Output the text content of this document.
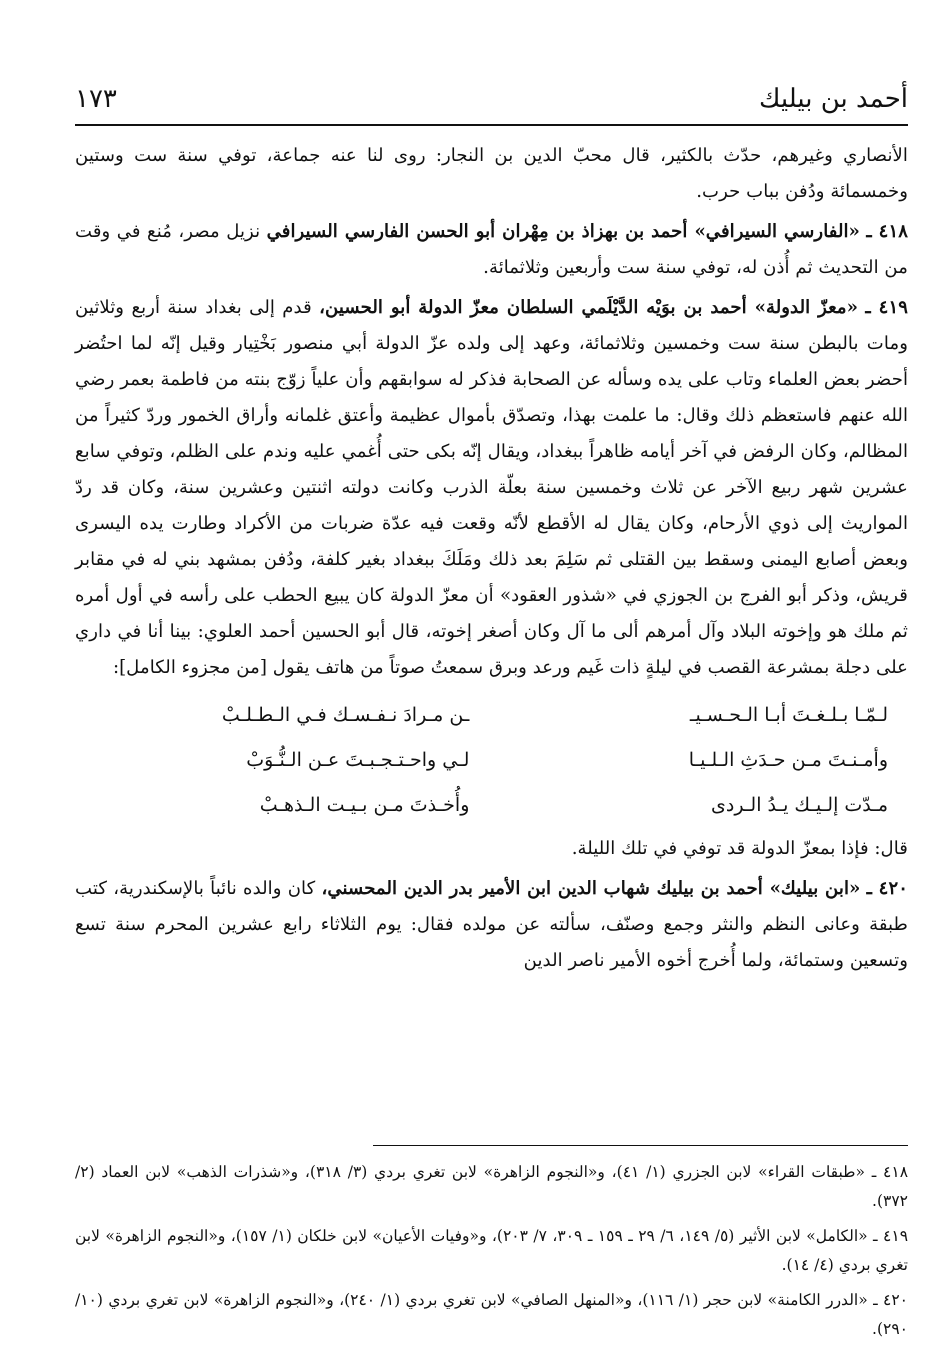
أحمد بن بيليك
١٧٣

الأنصاري وغيرهم، حدّث بالكثير، قال محبّ الدين بن النجار: روى لنا عنه جماعة، توفي سنة ست وستين وخمسمائة ودُفن بباب حرب.

٤١٨ ـ «الفارسي السيرافي» أحمد بن بهزاذ بن مِهْران أبو الحسن الفارسي السيرافي نزيل مصر، مُنع في وقت من التحديث ثم أُذن له، توفي سنة ست وأربعين وثلاثمائة.

٤١٩ ـ «معزّ الدولة» أحمد بن بوَيْه الدَّيْلَمي السلطان معزّ الدولة أبو الحسين، قدم إلى بغداد سنة أربع وثلاثين ومات بالبطن سنة ست وخمسين وثلاثمائة، وعهد إلى ولده عزّ الدولة أبي منصور بَخْتِيار وقيل إنّه لما احتُضر أحضر بعض العلماء وتاب على يده وسأله عن الصحابة فذكر له سوابقهم وأن علياً زوّج بنته من فاطمة بعمر رضي الله عنهم فاستعظم ذلك وقال: ما علمت بهذا، وتصدّق بأموال عظيمة وأعتق غلمانه وأراق الخمور وردّ كثيراً من المظالم، وكان الرفض في آخر أيامه ظاهراً ببغداد، ويقال إنّه بكى حتى أُغمي عليه وندم على الظلم، وتوفي سابع عشرين شهر ربيع الآخر عن ثلاث وخمسين سنة بعلّة الذرب وكانت دولته اثنتين وعشرين سنة، وكان قد ردّ المواريث إلى ذوي الأرحام، وكان يقال له الأقطع لأنّه وقعت فيه عدّة ضربات من الأكراد وطارت يده اليسرى وبعض أصابع اليمنى وسقط بين القتلى ثم سَلِمَ بعد ذلك ومَلَكَ ببغداد بغير كلفة، ودُفن بمشهد بني له في مقابر قريش، وذكر أبو الفرج بن الجوزي في «شذور العقود» أن معزّ الدولة كان يبيع الحطب على رأسه في أول أمره ثم ملك هو وإخوته البلاد وآل أمرهم ألى ما آل وكان أصغر إخوته، قال أبو الحسين أحمد العلوي: بينا أنا في داري على دجلة بمشرعة القصب في ليلةٍ ذات غَيم ورعد وبرق سمعتُ صوتاً من هاتف يقول [من مجزوء الكامل]:

لـمّـا بـلـغـتَ أبـا الـحـسـيـ
ـن مـرادَ نـفـسـك فـي الـطـلـبْ
وأمـنـتَ مـن حـدَثِ الـلـيـا
لـي واحـتـجـبـتَ عـن الـنُّـوَبْ
مـدّت إلـيـك يـدُ الـردى
وأُخـذتَ مـن بـيـت الـذهـبْ

قال: فإذا بمعزّ الدولة قد توفي في تلك الليلة.

٤٢٠ ـ «ابن بيليك» أحمد بن بيليك شهاب الدين ابن الأمير بدر الدين المحسني، كان والده نائباً بالإسكندرية، كتب طبقة وعانى النظم والنثر وجمع وصنّف، سألته عن مولده فقال: يوم الثلاثاء رابع عشرين المحرم سنة تسع وتسعين وستمائة، ولما أُخرج أخوه الأمير ناصر الدين

٤١٨ ـ «طبقات القراء» لابن الجزري (١/ ٤١)، و«النجوم الزاهرة» لابن تغري بردي (٣/ ٣١٨)، و«شذرات الذهب» لابن العماد (٢/ ٣٧٢).

٤١٩ ـ «الكامل» لابن الأثير (٥/ ١٤٩، ٦/ ٢٩ ـ ١٥٩ ـ ٣٠٩، ٧/ ٢٠٣)، و«وفيات الأعيان» لابن خلكان (١/ ١٥٧)، و«النجوم الزاهرة» لابن تغري بردي (٤/ ١٤).

٤٢٠ ـ «الدرر الكامنة» لابن حجر (١/ ١١٦)، و«المنهل الصافي» لابن تغري بردي (١/ ٢٤٠)، و«النجوم الزاهرة» لابن تغري بردي (١٠/ ٢٩٠).
